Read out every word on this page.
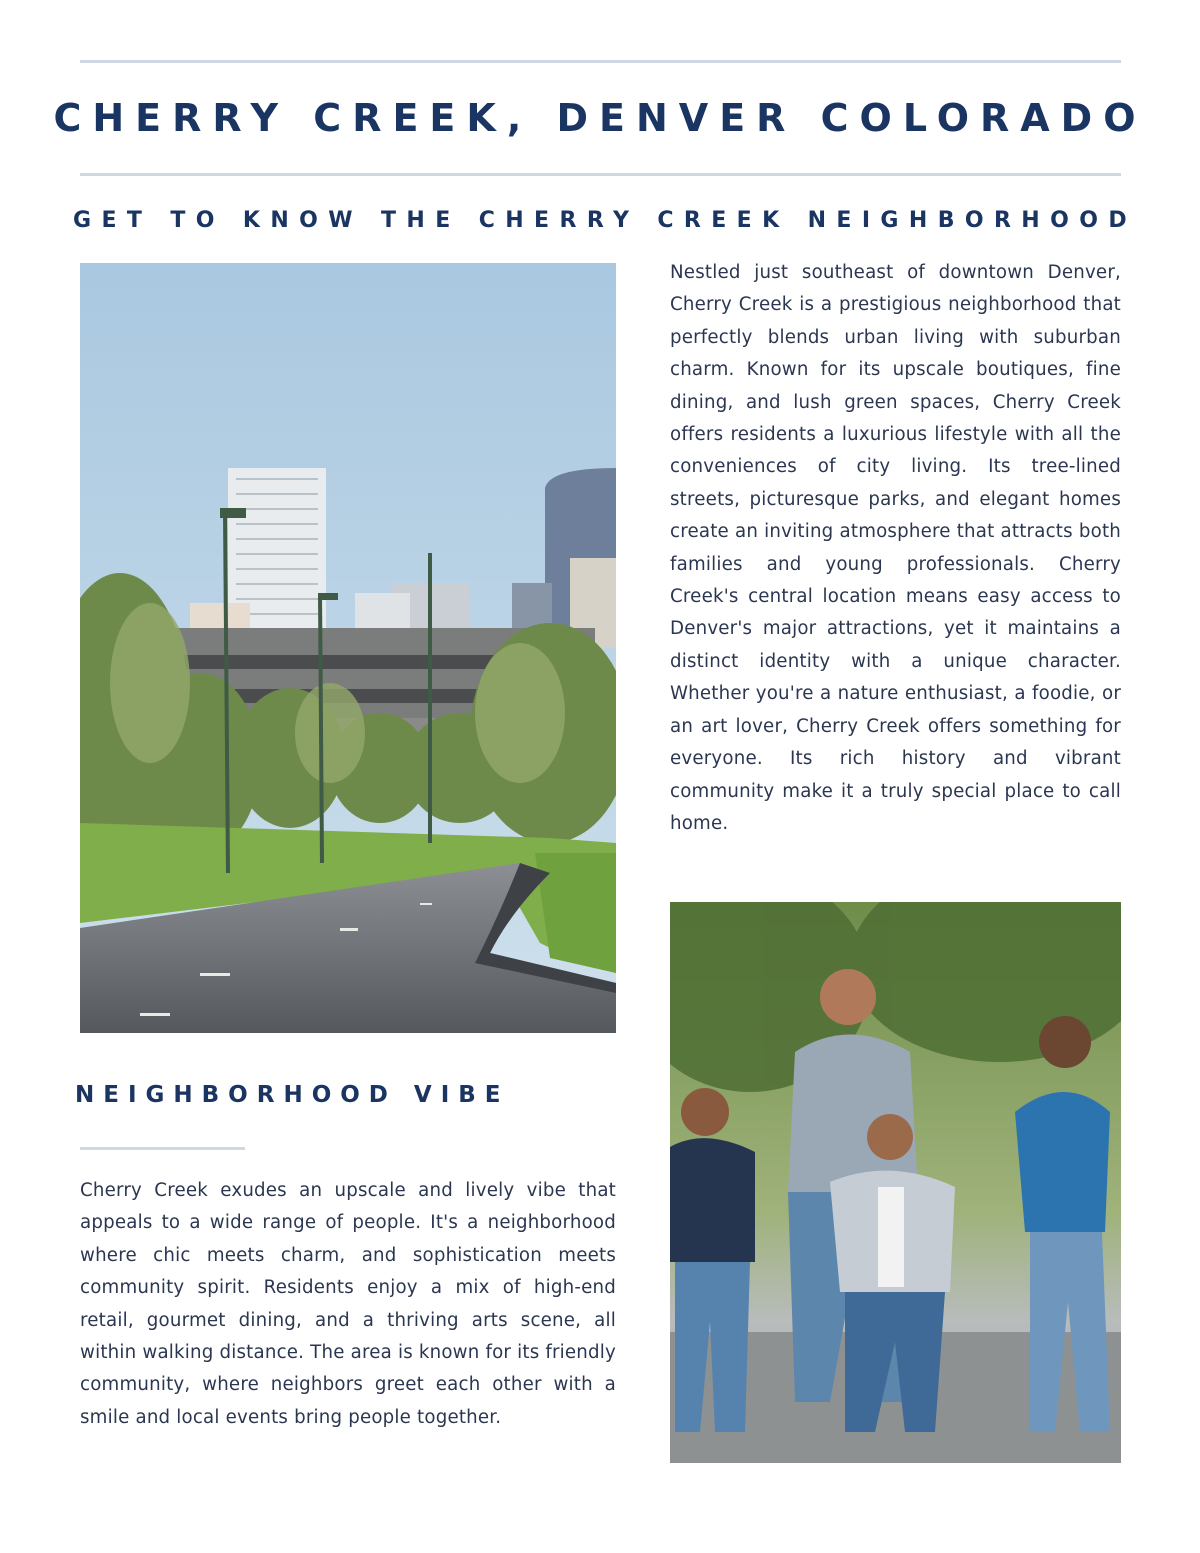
CHERRY CREEK, DENVER COLORADO
GET TO KNOW THE CHERRY CREEK NEIGHBORHOOD

Nestled just southeast of downtown Denver, Cherry Creek is a prestigious neighborhood that perfectly blends urban living with suburban charm. Known for its upscale boutiques, fine dining, and lush green spaces, Cherry Creek offers residents a luxurious lifestyle with all the conveniences of city living. Its tree-lined streets, picturesque parks, and elegant homes create an inviting atmosphere that attracts both families and young professionals. Cherry Creek's central location means easy access to Denver's major attractions, yet it maintains a distinct identity with a unique character. Whether you're a nature enthusiast, a foodie, or an art lover, Cherry Creek offers something for everyone. Its rich history and vibrant community make it a truly special place to call home.

NEIGHBORHOOD VIBE

Cherry Creek exudes an upscale and lively vibe that appeals to a wide range of people. It's a neighborhood where chic meets charm, and sophistication meets community spirit. Residents enjoy a mix of high-end retail, gourmet dining, and a thriving arts scene, all within walking distance. The area is known for its friendly community, where neighbors greet each other with a smile and local events bring people together.
